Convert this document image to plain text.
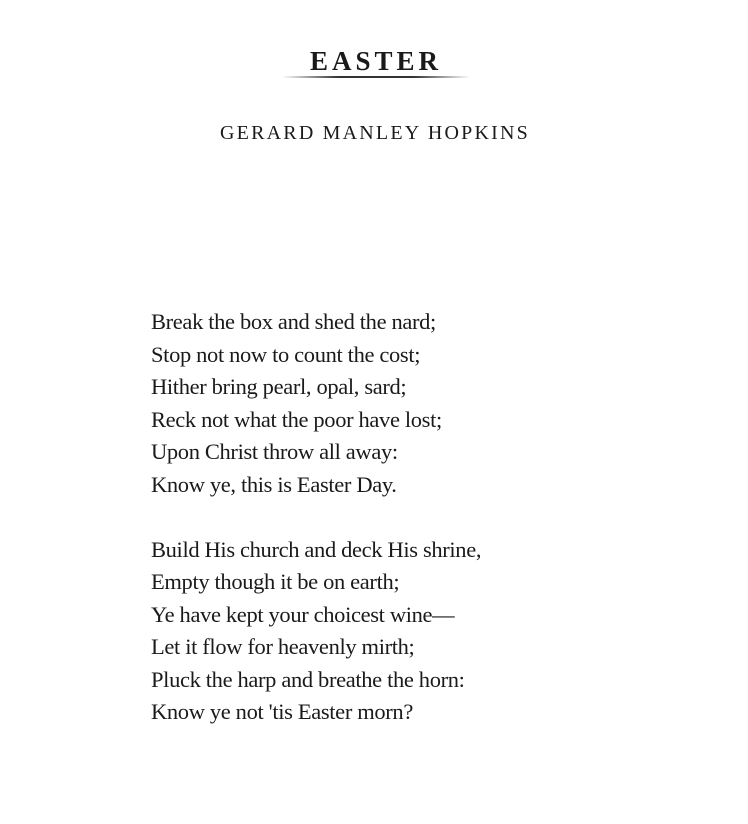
EASTER
GERARD MANLEY HOPKINS
Break the box and shed the nard;
Stop not now to count the cost;
Hither bring pearl, opal, sard;
Reck not what the poor have lost;
Upon Christ throw all away:
Know ye, this is Easter Day.
Build His church and deck His shrine,
Empty though it be on earth;
Ye have kept your choicest wine—
Let it flow for heavenly mirth;
Pluck the harp and breathe the horn:
Know ye not 'tis Easter morn?
